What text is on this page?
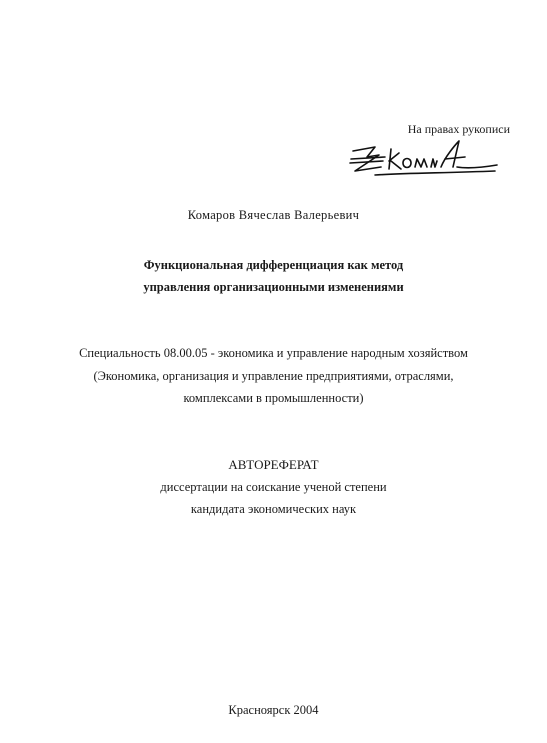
На правах рукописи
Комаров Вячеслав Валерьевич
Функциональная дифференциация как метод
управления организационными изменениями
Специальность 08.00.05 - экономика и управление народным хозяйством
(Экономика, организация и управление предприятиями, отраслями,
комплексами в промышленности)
АВТОРЕФЕРАТ
диссертации на соискание ученой степени
кандидата экономических наук
Красноярск 2004
